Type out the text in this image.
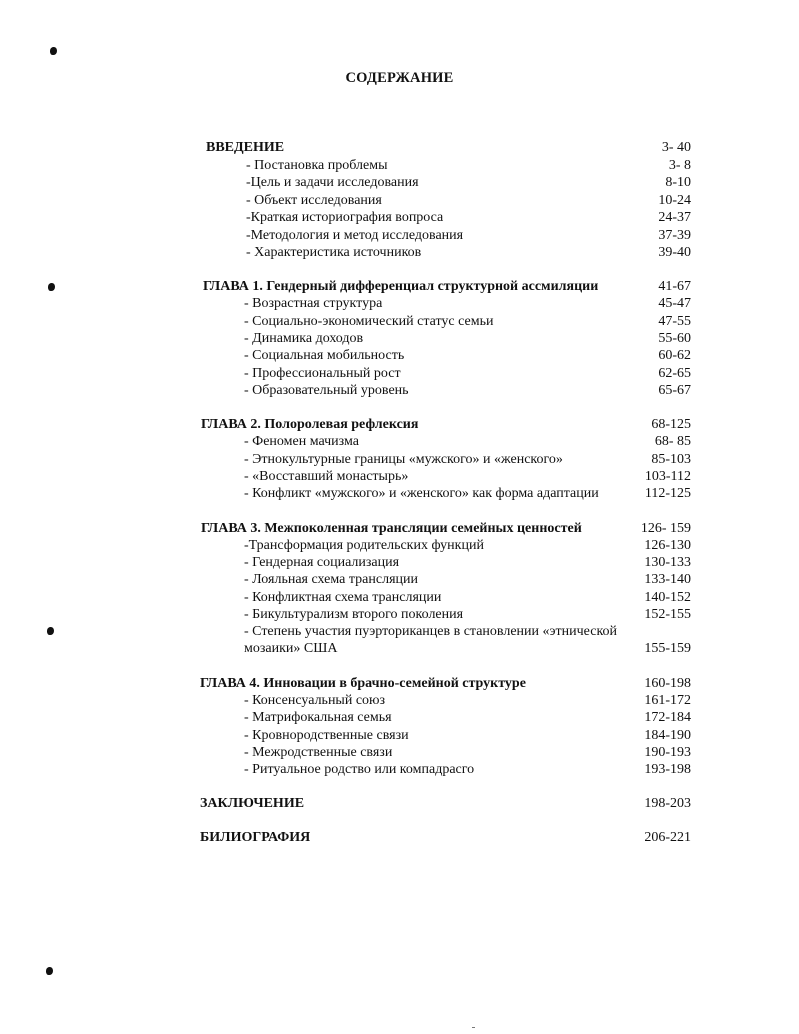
СОДЕРЖАНИЕ
ВВЕДЕНИЕ	3- 40
- Постановка проблемы	3- 8
-Цель и задачи исследования	8-10
- Объект исследования	10-24
-Краткая историография вопроса	24-37
-Методология и метод исследования	37-39
- Характеристика источников	39-40
ГЛАВА 1. Гендерный дифференциал структурной ассмиляции	41-67
- Возрастная структура	45-47
- Социально-экономический статус семьи	47-55
- Динамика доходов	55-60
- Социальная мобильность	60-62
- Профессиональный рост	62-65
- Образовательный уровень	65-67
ГЛАВА 2. Полоролевая рефлексия	68-125
- Феномен мачизма	68- 85
- Этнокультурные границы «мужского» и «женского»	85-103
- «Восставший монастырь»	103-112
- Конфликт «мужского» и «женского» как форма адаптации	112-125
ГЛАВА 3. Межпоколенная трансляции семейных ценностей	126- 159
-Трансформация родительских функций	126-130
- Гендерная социализация	130-133
- Лояльная схема трансляции	133-140
- Конфликтная схема трансляции	140-152
- Бикультурализм второго поколения	152-155
- Степень участия пуэрториканцев в становлении «этнической
мозаики» США	155-159
ГЛАВА 4. Инновации в брачно-семейной структуре	160-198
- Консенсуальный союз	161-172
- Матрифокальная семья	172-184
- Кровнородственные связи	184-190
- Межродственные связи	190-193
- Ритуальное родство или компадрасго	193-198
ЗАКЛЮЧЕНИЕ	198-203
БИЛИОГРАФИЯ	206-221
